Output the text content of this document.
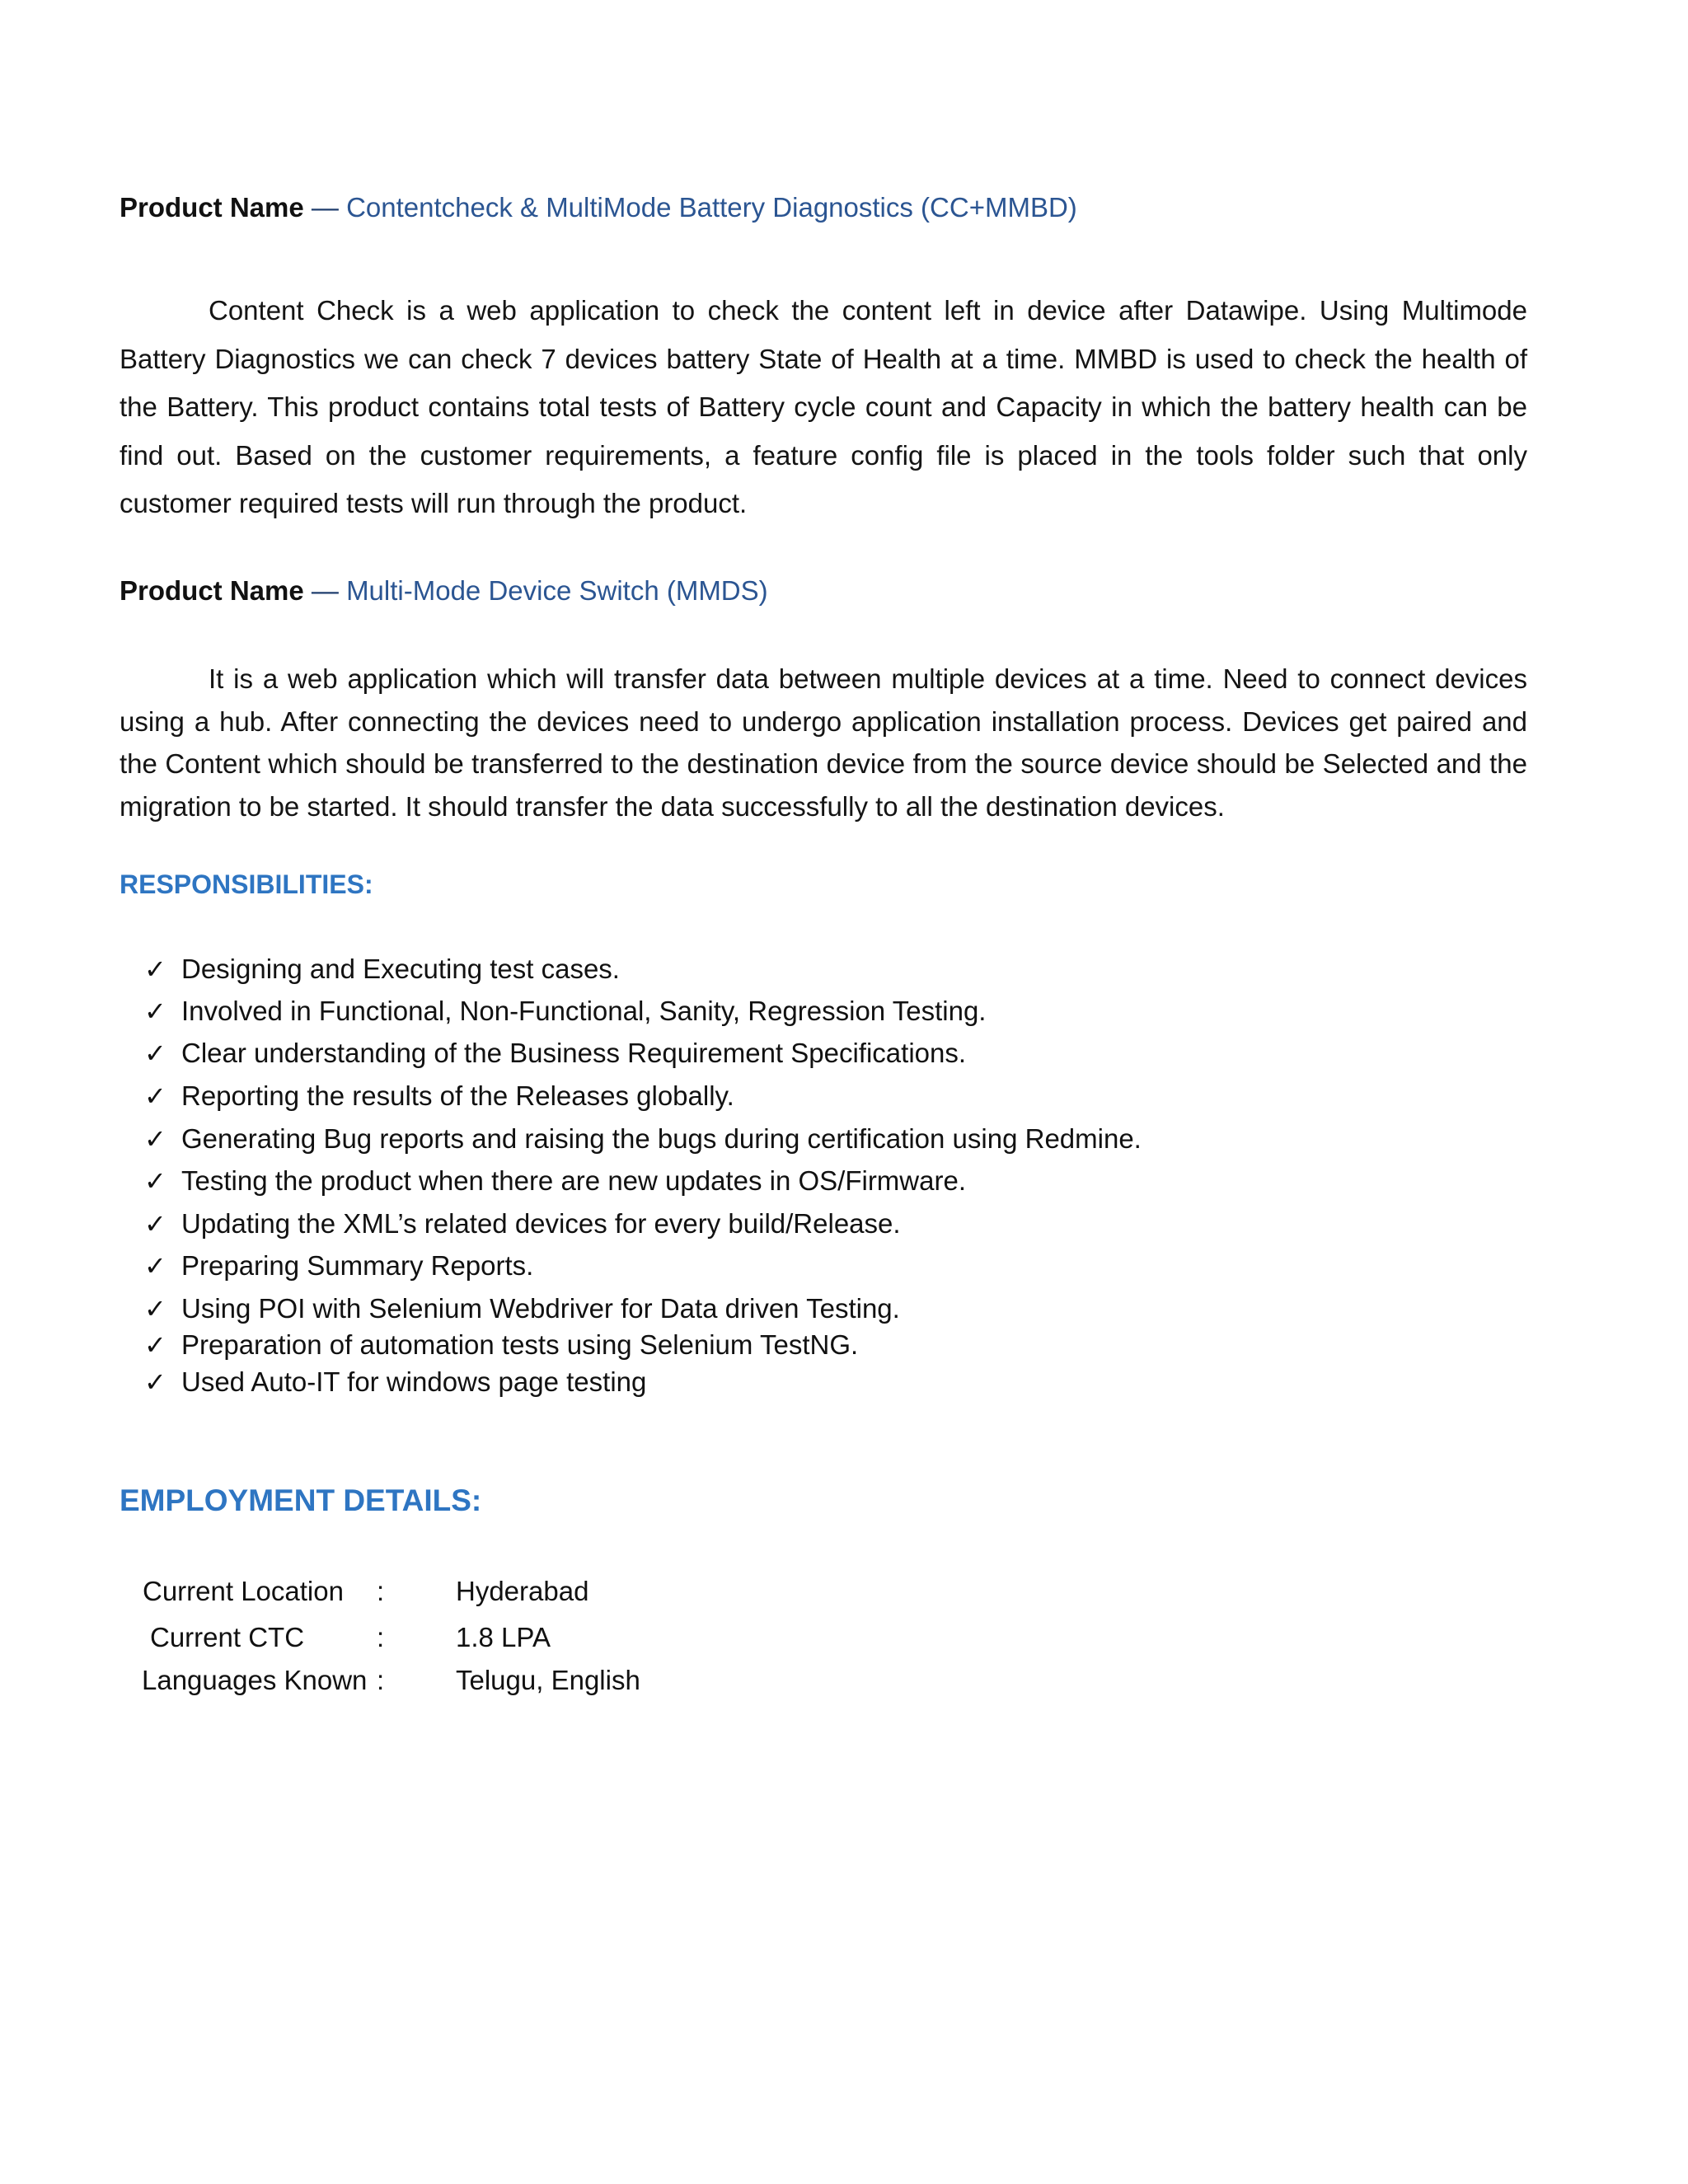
Product Name — Contentcheck & MultiMode Battery Diagnostics (CC+MMBD)
Content Check is a web application to check the content left in device after Datawipe. Using Multimode Battery Diagnostics we can check 7 devices battery State of Health at a time. MMBD is used to check the health of the Battery. This product contains total tests of Battery cycle count and Capacity in which the battery health can be find out. Based on the customer requirements, a feature config file is placed in the tools folder such that only customer required tests will run through the product.
Product Name — Multi-Mode Device Switch (MMDS)
It is a web application which will transfer data between multiple devices at a time. Need to connect devices using a hub. After connecting the devices need to undergo application installation process. Devices get paired and the Content which should be transferred to the destination device from the source device should be Selected and the migration to be started. It should transfer the data successfully to all the destination devices.
RESPONSIBILITIES:
✓ Designing and Executing test cases.
✓ Involved in Functional, Non-Functional, Sanity, Regression Testing.
✓ Clear understanding of the Business Requirement Specifications.
✓ Reporting the results of the Releases globally.
✓ Generating Bug reports and raising the bugs during certification using Redmine.
✓ Testing the product when there are new updates in OS/Firmware.
✓ Updating the XML’s related devices for every build/Release.
✓ Preparing Summary Reports.
✓ Using POI with Selenium Webdriver for Data driven Testing.
✓ Preparation of automation tests using Selenium TestNG.
✓ Used Auto-IT for windows page testing
EMPLOYMENT DETAILS:
Current Location :	Hyderabad
Current CTC	:	1.8 LPA
Languages Known :	Telugu, English
